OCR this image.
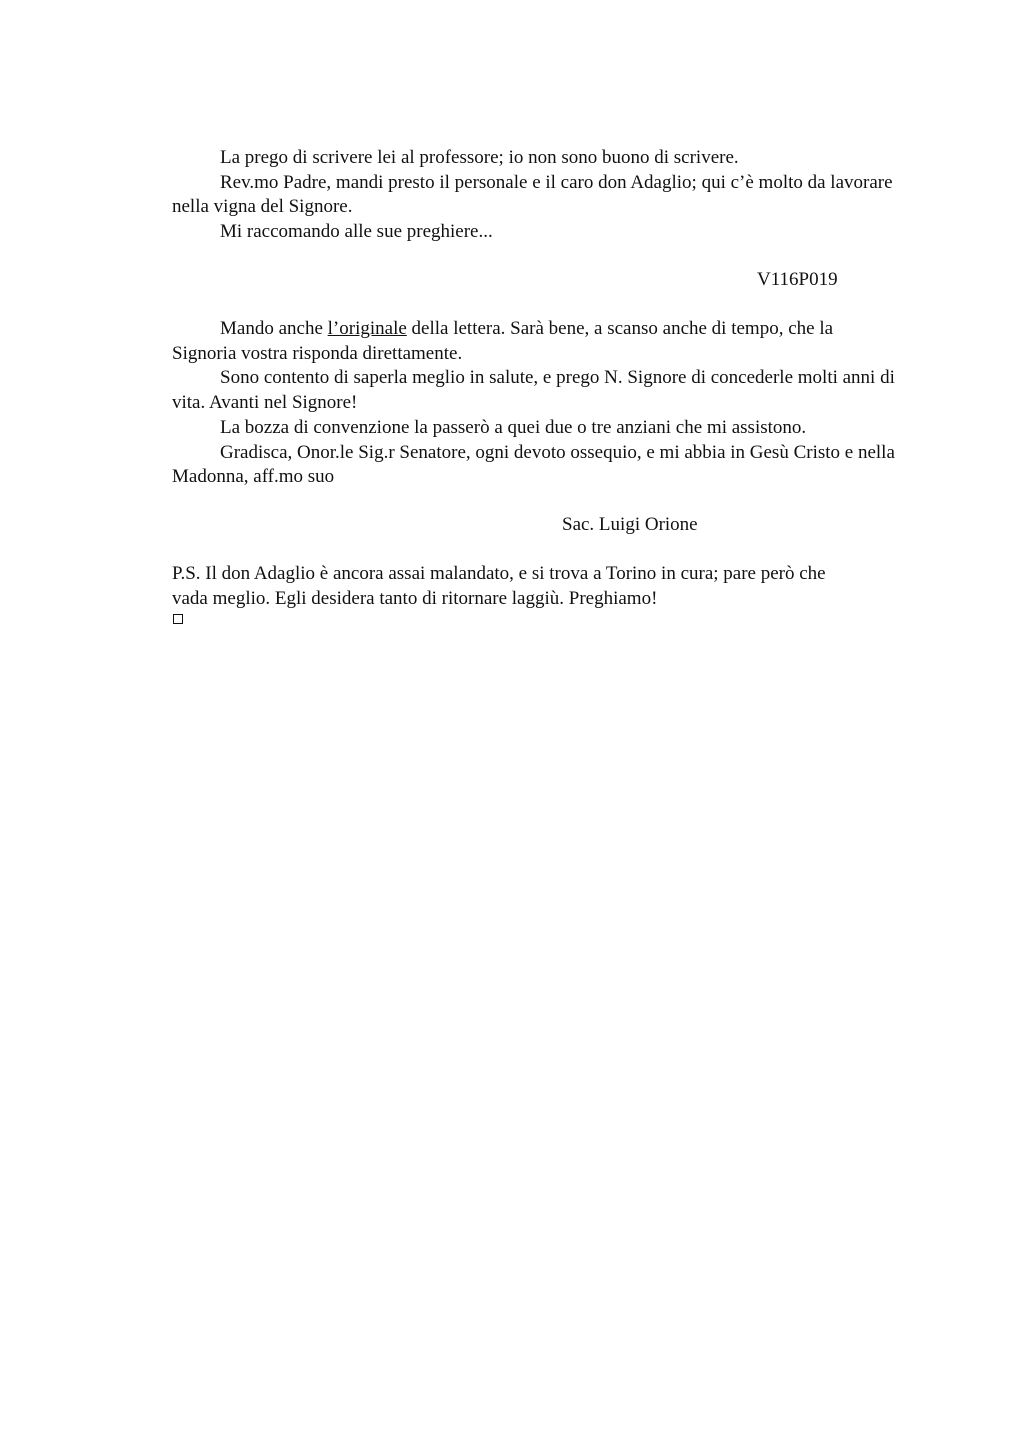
La prego di scrivere lei al professore; io non sono buono di scrivere.

Rev.mo Padre, mandi presto il personale e il caro don Adaglio; qui c’è molto da lavorare nella vigna del Signore.

Mi raccomando alle sue preghiere...

V116P019

Mando anche l’originale della lettera. Sarà bene, a scanso anche di tempo, che la Signoria vostra risponda direttamente.

Sono contento di saperla meglio in salute, e prego N. Signore di concederle molti anni di vita. Avanti nel Signore!

La bozza di convenzione la passerò a quei due o tre anziani che mi assistono.

Gradisca, Onor.le Sig.r Senatore, ogni devoto ossequio, e mi abbia in Gesù Cristo e nella Madonna, aff.mo suo

Sac. Luigi Orione

P.S. Il don Adaglio è ancora assai malandato, e si trova a Torino in cura; pare però che vada meglio. Egli desidera tanto di ritornare laggiù. Preghiamo!
